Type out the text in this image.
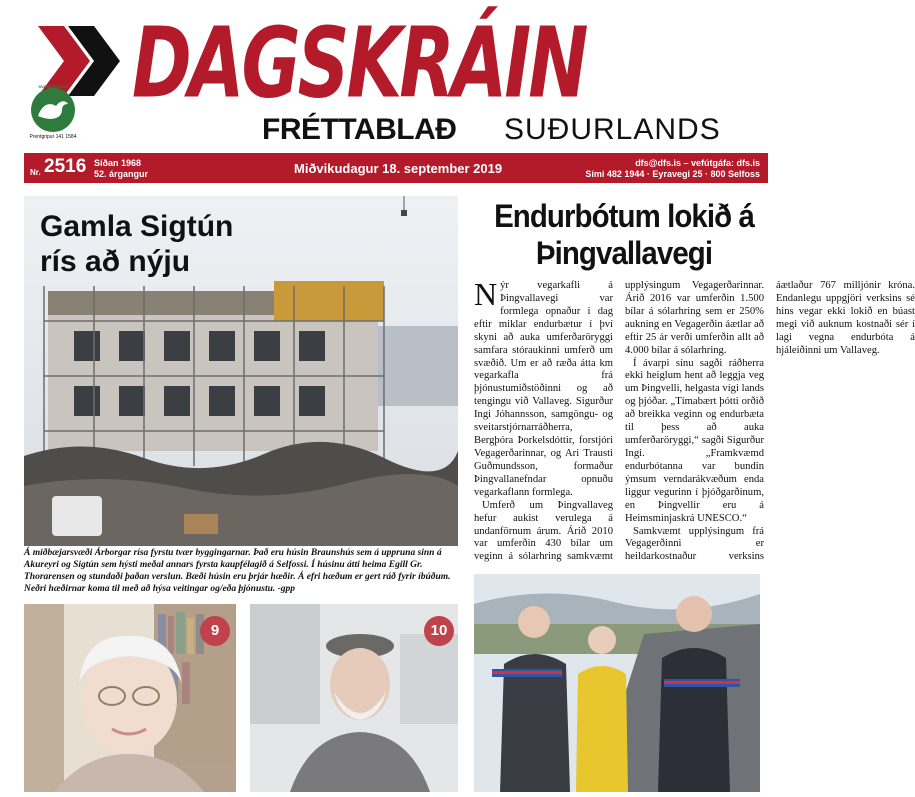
DAGSKRÁIN
FRÉTTABLAÐ SUÐURLANDS
SVANSMERKIÐ
Prentgripur 141 1584
Nr. 2516 Síðan 1968
52. árgangur	Miðvikudagur 18. september 2019	dfs@dfs.is – vefútgáfa: dfs.is
Sími 482 1944 · Eyravegi 25 · 800 Selfoss
Gamla Sigtún
rís að nýju
Á miðbæjarsvæði Árborgar rísa fyrstu tvær byggingarnar. Það eru húsin Braunshús sem á upprunа sinn á Akureyri og Sigtún sem hýsti meðal annars fyrsta kaupfélagið á Selfossi. Í húsinu átti heima Egill Gr. Thorarensen og stundaði þaðan verslun. Bæði húsin eru þrjár hæðir. Á efri hæðum er gert ráð fyrir íbúðum. Neðri hæðirnar koma til með að hýsa veitingar og/eða þjónustu. -gpp
9	10
Endurbótum lokið á
Þingvallavegi

Nýr vegarkafli á Þingvallavegi var formlega opnaður í dag eftir miklar endurbætur í því skyni að auka umferðaröryggi samfara stóraukinni umferð um svæðið. Um er að ræða átta km vegarkafla frá þjónustumiðstöðinni og að tengingu við Vallaveg. Sigurður Ingi Jóhannsson, samgöngu- og sveitarstjórnarráðherra, Bergþóra Þorkelsdóttir, forstjóri Vegagerðarinnar, og Ari Trausti Guðmundsson, formaður Þingvallanefndar opnuðu vegarkaflann formlega.

Umferð um Þingvallaveg hefur aukist verulega á undanförnum árum. Árið 2010 var umferðin 430 bílar um veginn á sólarhring samkvæmt upplýsingum Vegagerðarinnar. Árið 2016 var umferðin 1.500 bílar á sólarhring sem er 250% aukning en Vegagerðin áætlar að eftir 25 ár verði umferðin allt að 4.000 bílar á sólarhring.

Í ávarpi sínu sagði ráðherra ekki heiglum hent að leggja veg um Þingvelli, helgasta vígi lands og þjóðar. „Tímabært þótti orðið að breikka veginn og endurbæta til þess að auka umferðaröryggi,“ sagði Sigurður Ingi. „Framkvæmd endurbótanna var bundin ýmsum verndarákvæðum enda liggur vegurinn í þjóðgarðinum, en Þingvellir eru á Heimsminjaskrá UNESCO.“

Samkvæmt upplýsingum frá Vegagerðinni er heildarkostnaður verksins áætlaður 767 milljónir króna. Endanlegu uppgjöri verksins sé hins vegar ekki lokið en búast megi við auknum kostnaði sér í lagi vegna endurbóta á hjáleiðinni um Vallaveg.
